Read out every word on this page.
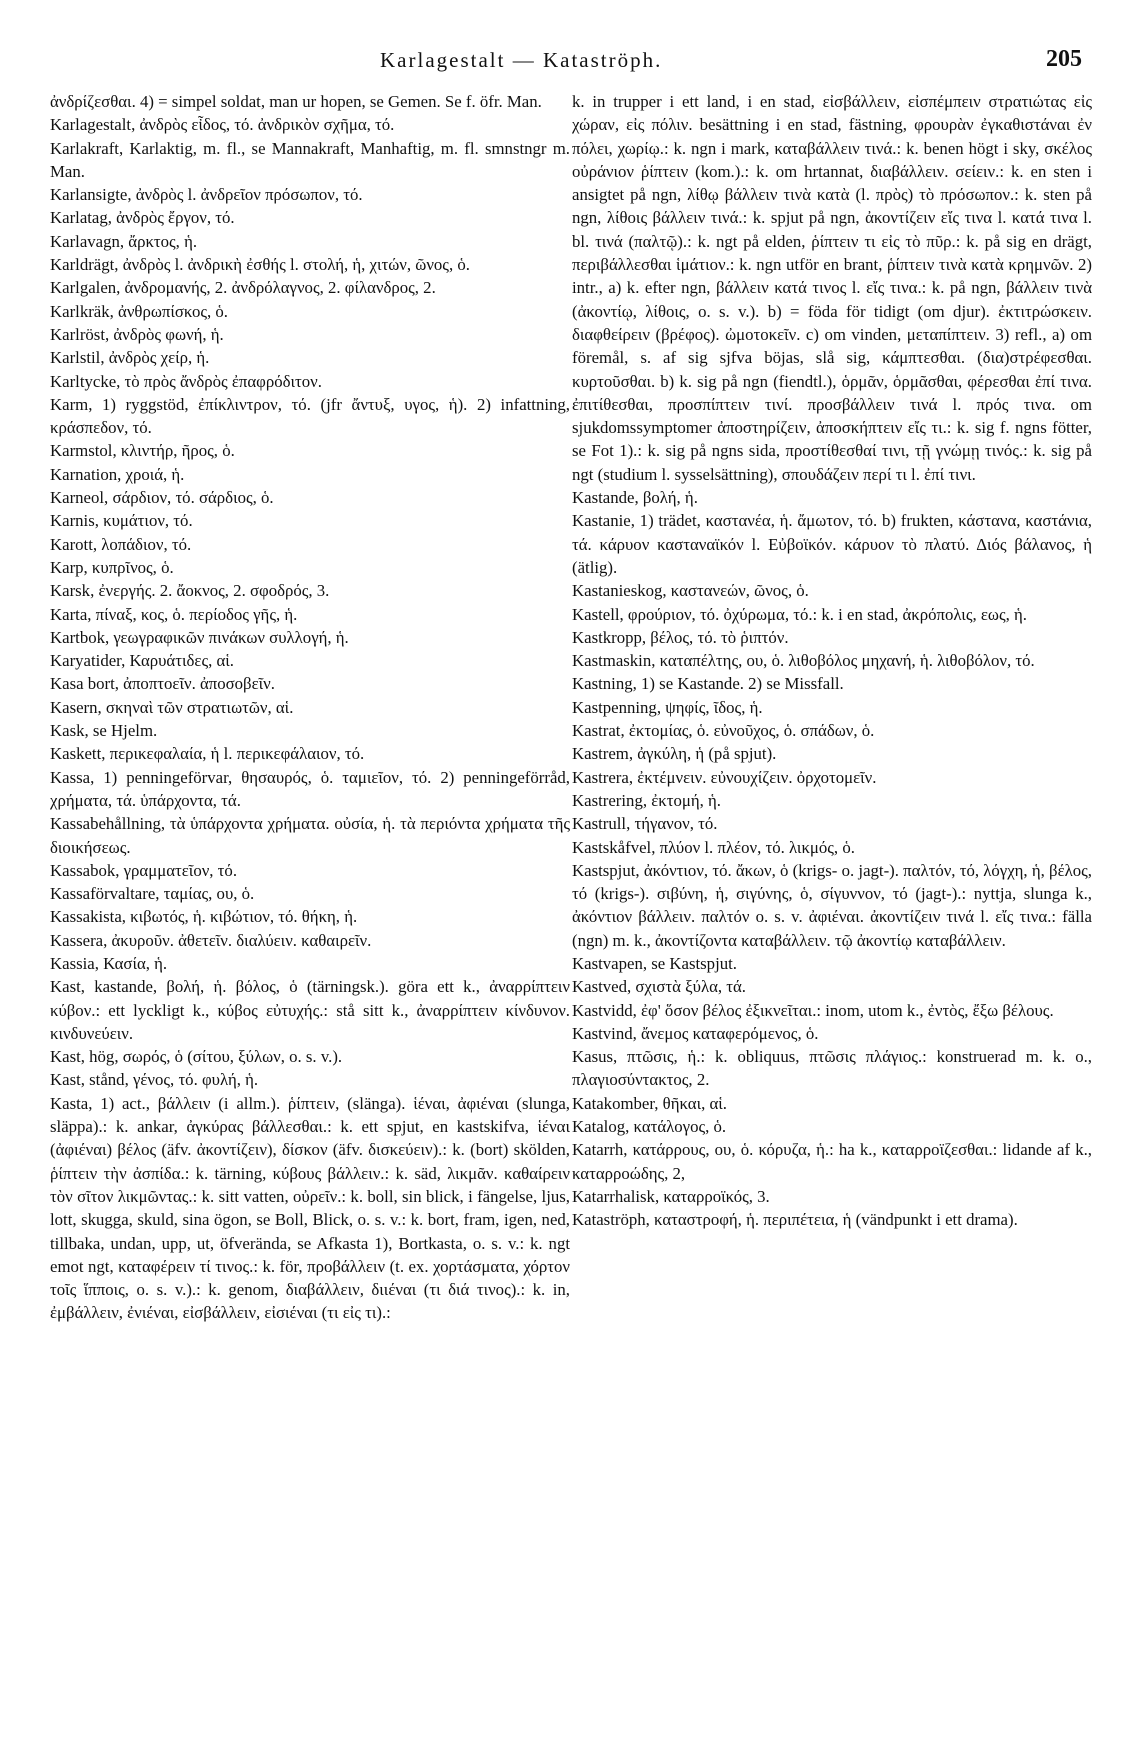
Karlagestalt — Kataströph.	205

ἀνδρίζεσθαι. 4) = simpel soldat, man ur hopen, se Gemen. Se f. öfr. Man.

Karlagestalt, ἀνδρὸς εἶδος, τό. ἀνδρικὸν σχῆμα, τό.

Karlakraft, Karlaktig, m. fl., se Mannakraft, Manhaftig, m. fl. smnstngr m. Man.

Karlansigte, ἀνδρὸς l. ἀνδρεῖον πρόσωπον, τό.

Karlatag, ἀνδρὸς ἔργον, τό.

Karlavagn, ἄρκτος, ἡ.

Karldrägt, ἀνδρὸς l. ἀνδρικὴ ἐσθής l. στολή, ἡ, χιτών, ῶνος, ὁ.

Karlgalen, ἀνδρομανής, 2. ἀνδρόλαγνος, 2. φίλανδρος, 2.

Karlkräk, ἀνθρωπίσκος, ὁ.

Karlröst, ἀνδρὸς φωνή, ἡ.

Karlstil, ἀνδρὸς χείρ, ἡ.

Karltycke, τὸ πρὸς ἄνδρὸς ἐπαφρόδιτον.

Karm, 1) ryggstöd, ἐπίκλιντρον, τό. (jfr ἄντυξ, υγος, ἡ). 2) infattning, κράσπεδον, τό.

Karmstol, κλιντήρ, ῆρος, ὁ.

Karnation, χροιά, ἡ.

Karneol, σάρδιον, τό. σάρδιος, ὁ.

Karnis, κυμάτιον, τό.

Karott, λοπάδιον, τό.

Karp, κυπρῖνος, ὁ.

Karsk, ἐνεργής. 2. ἄοκνος, 2. σφοδρός, 3.

Karta, πίναξ, κος, ὁ. περίοδος γῆς, ἡ.

Kartbok, γεωγραφικῶν πινάκων συλλογή, ἡ.

Karyatider, Καρυάτιδες, αἱ.

Kasa bort, ἀποπτοεῖν. ἀποσοβεῖν.

Kasern, σκηναὶ τῶν στρατιωτῶν, αἱ.

Kask, se Hjelm.

Kaskett, περικεφαλαία, ἡ l. περικεφάλαιον, τό.

Kassa, 1) penningeförvar, θησαυρός, ὁ. ταμιεῖον, τό. 2) penningeförråd, χρήματα, τά. ὑπάρχοντα, τά.

Kassabehållning, τὰ ὑπάρχοντα χρήματα. οὐσία, ἡ. τὰ περιόντα χρήματα τῆς διοικήσεως.

Kassabok, γραμματεῖον, τό.

Kassaförvaltare, ταμίας, ου, ὁ.

Kassakista, κιβωτός, ἡ. κιβώτιον, τό. θήκη, ἡ.

Kassera, ἀκυροῦν. ἀθετεῖν. διαλύειν. καθαιρεῖν.

Kassia, Κασία, ἡ.

Kast, kastande, βολή, ἡ. βόλος, ὁ (tärningsk.). göra ett k., ἀναρρίπτειν κύβον.: ett lyckligt k., κύβος εὐτυχής.: stå sitt k., ἀναρρίπτειν κίνδυνον. κινδυνεύειν.

Kast, hög, σωρός, ὁ (σίτου, ξύλων, o. s. v.).

Kast, stånd, γένος, τό. φυλή, ἡ.

Kasta, 1) act., βάλλειν (i allm.). ῥίπτειν, (slänga). ἱέναι, ἀφιέναι (slunga, släppa).: k. ankar, ἀγκύρας βάλλεσθαι.: k. ett spjut, en kastskifva, ἱέναι (ἀφιέναι) βέλος (äfv. ἀκοντίζειν), δίσκον (äfv. δισκεύειν).: k. (bort) skölden, ῥίπτειν τὴν ἀσπίδα.: k. tärning, κύβους βάλλειν.: k. säd, λικμᾶν. καθαίρειν τὸν σῖτον λικμῶντας.: k. sitt vatten, οὐρεῖν.: k. boll, sin blick, i fängelse, ljus, lott, skugga, skuld, sina ögon, se Boll, Blick, o. s. v.: k. bort, fram, igen, ned, tillbaka, undan, upp, ut, öfverända, se Afkasta 1), Bortkasta, o. s. v.: k. ngt emot ngt, καταφέρειν τί τινος.: k. för, προβάλλειν (t. ex. χορτάσματα, χόρτον τοῖς ἵπποις, o. s. v.).: k. genom, διαβάλλειν, διιέναι (τι διά τινος).: k. in, ἐμβάλλειν, ἐνιέναι, εἰσβάλλειν, εἰσιέναι (τι εἰς τι).:

k. in trupper i ett land, i en stad, εἰσβάλλειν, εἰσπέμπειν στρατιώτας εἰς χώραν, εἰς πόλιν. besättning i en stad, fästning, φρουρὰν ἐγκαθιστάναι ἐν πόλει, χωρίῳ.: k. ngn i mark, καταβάλλειν τινά.: k. benen högt i sky, σκέλος οὐράνιον ῥίπτειν (kom.).: k. om hrtannat, διαβάλλειν. σείειν.: k. en sten i ansigtet på ngn, λίθῳ βάλλειν τινὰ κατὰ (l. πρὸς) τὸ πρόσωπον.: k. sten på ngn, λίθοις βάλλειν τινά.: k. spjut på ngn, ἀκοντίζειν εἴς τινα l. κατά τινα l. bl. τινά (παλτῷ).: k. ngt på elden, ῥίπτειν τι εἰς τὸ πῦρ.: k. på sig en drägt, περιβάλλεσθαι ἱμάτιον.: k. ngn utför en brant, ῥίπτειν τινὰ κατὰ κρημνῶν. 2) intr., a) k. efter ngn, βάλλειν κατά τινος l. εἴς τινα.: k. på ngn, βάλλειν τινὰ (ἀκοντίῳ, λίθοις, o. s. v.). b) = föda för tidigt (om djur). ἐκτιτρώσκειν. διαφθείρειν (βρέφος). ὠμοτοκεῖν. c) om vinden, μεταπίπτειν. 3) refl., a) om föremål, s. af sig sjfva böjas, slå sig, κάμπτεσθαι. (δια)στρέφεσθαι. κυρτοῦσθαι. b) k. sig på ngn (fiendtl.), ὁρμᾶν, ὁρμᾶσθαι, φέρεσθαι ἐπί τινα. ἐπιτίθεσθαι, προσπίπτειν τινί. προσβάλλειν τινά l. πρός τινα. om sjukdomssymptomer ἀποστηρίζειν, ἀποσκήπτειν εἴς τι.: k. sig f. ngns fötter, se Fot 1).: k. sig på ngns sida, προστίθεσθαί τινι, τῇ γνώμῃ τινός.: k. sig på ngt (studium l. sysselsättning), σπουδάζειν περί τι l. ἐπί τινι.

Kastande, βολή, ἡ.

Kastanie, 1) trädet, καστανέα, ἡ. ἄμωτον, τό. b) frukten, κάστανα, καστάνια, τά. κάρυον κασταναϊκόν l. Εὐβοϊκόν. κάρυον τὸ πλατύ. Διός βάλανος, ἡ (ätlig).

Kastanieskog, καστανεών, ῶνος, ὁ.

Kastell, φρούριον, τό. ὀχύρωμα, τό.: k. i en stad, ἀκρόπολις, εως, ἡ.

Kastkropp, βέλος, τό. τὸ ῥιπτόν.

Kastmaskin, καταπέλτης, ου, ὁ. λιθοβόλος μηχανή, ἡ. λιθοβόλον, τό.

Kastning, 1) se Kastande. 2) se Missfall.

Kastpenning, ψηφίς, ῖδος, ἡ.

Kastrat, ἐκτομίας, ὁ. εὐνοῦχος, ὁ. σπάδων, ὁ.

Kastrem, ἀγκύλη, ἡ (på spjut).

Kastrera, ἐκτέμνειν. εὐνουχίζειν. ὀρχοτομεῖν.

Kastrering, ἐκτομή, ἡ.

Kastrull, τήγανον, τό.

Kastskåfvel, πλύον l. πλέον, τό. λικμός, ὁ.

Kastspjut, ἀκόντιον, τό. ἄκων, ὁ (krigs- o. jagt-). παλτόν, τό, λόγχη, ἡ, βέλος, τό (krigs-). σιβύνη, ἡ, σιγύνης, ὁ, σίγυννον, τό (jagt-).: nyttja, slunga k., ἀκόντιον βάλλειν. παλτόν o. s. v. ἀφιέναι. ἀκοντίζειν τινά l. εἴς τινα.: fälla (ngn) m. k., ἀκοντίζοντα καταβάλλειν. τῷ ἀκοντίῳ καταβάλλειν.

Kastvapen, se Kastspjut.

Kastved, σχιστὰ ξύλα, τά.

Kastvidd, ἐφ' ὅσον βέλος ἐξικνεῖται.: inom, utom k., ἐντὸς, ἔξω βέλους.

Kastvind, ἄνεμος καταφερόμενος, ὁ.

Kasus, πτῶσις, ἡ.: k. obliquus, πτῶσις πλάγιος.: konstruerad m. k. o., πλαγιοσύντακτος, 2.

Katakomber, θῆκαι, αἱ.

Katalog, κατάλογος, ὁ.

Katarrh, κατάρρους, ου, ὁ. κόρυζα, ἡ.: ha k., καταρροϊζεσθαι.: lidande af k., καταρροώδης, 2,

Katarrhalisk, καταρροϊκός, 3.

Kataströph, καταστροφή, ἡ. περιπέτεια, ἡ (vändpunkt i ett drama).
